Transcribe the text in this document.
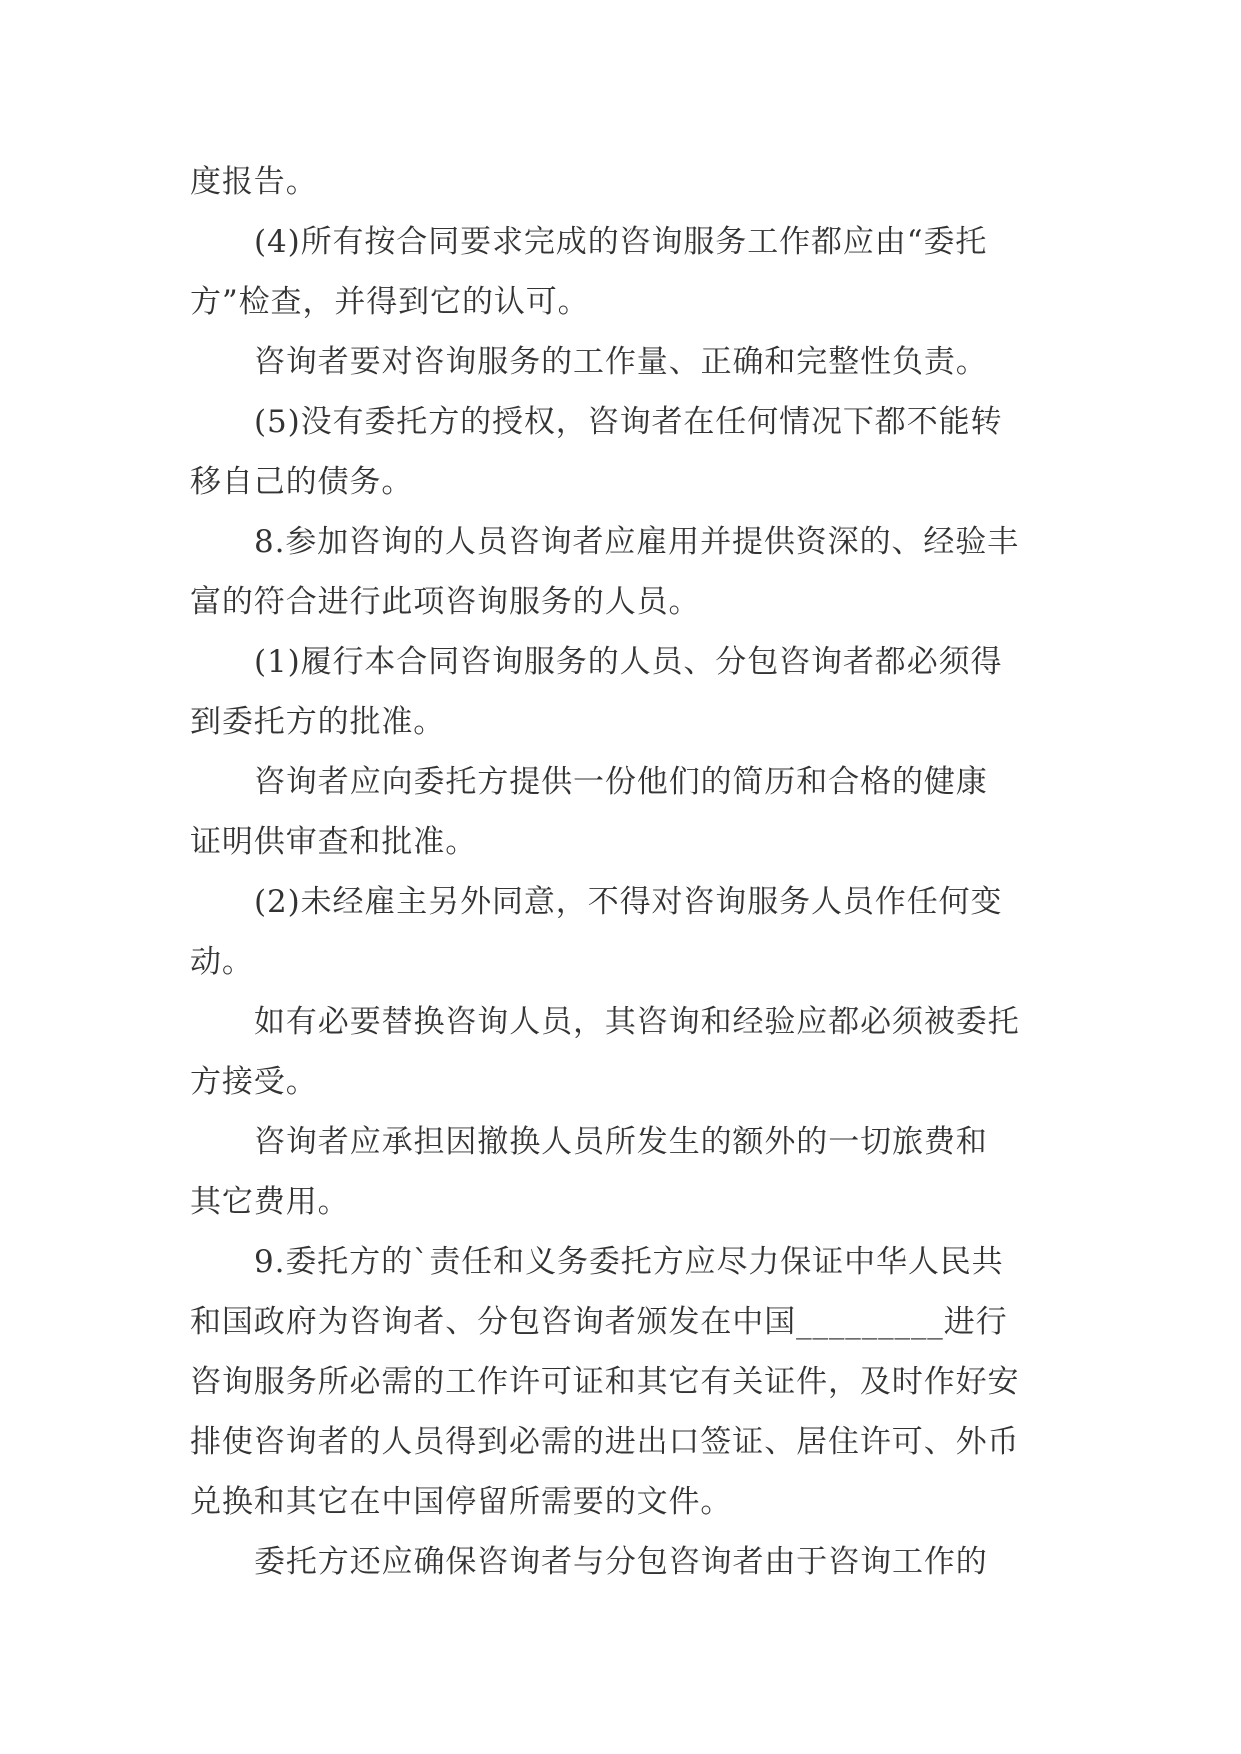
度报告。
(4)所有按合同要求完成的咨询服务工作都应由“委托
方”检查，并得到它的认可。
咨询者要对咨询服务的工作量、正确和完整性负责。
(5)没有委托方的授权，咨询者在任何情况下都不能转
移自己的债务。
8.参加咨询的人员咨询者应雇用并提供资深的、经验丰
富的符合进行此项咨询服务的人员。
(1)履行本合同咨询服务的人员、分包咨询者都必须得
到委托方的批准。
咨询者应向委托方提供一份他们的简历和合格的健康
证明供审查和批准。
(2)未经雇主另外同意，不得对咨询服务人员作任何变
动。
如有必要替换咨询人员，其咨询和经验应都必须被委托
方接受。
咨询者应承担因撤换人员所发生的额外的一切旅费和
其它费用。
9.委托方的`责任和义务委托方应尽力保证中华人民共
和国政府为咨询者、分包咨询者颁发在中国_________进行
咨询服务所必需的工作许可证和其它有关证件，及时作好安
排使咨询者的人员得到必需的进出口签证、居住许可、外币
兑换和其它在中国停留所需要的文件。
委托方还应确保咨询者与分包咨询者由于咨询工作的
